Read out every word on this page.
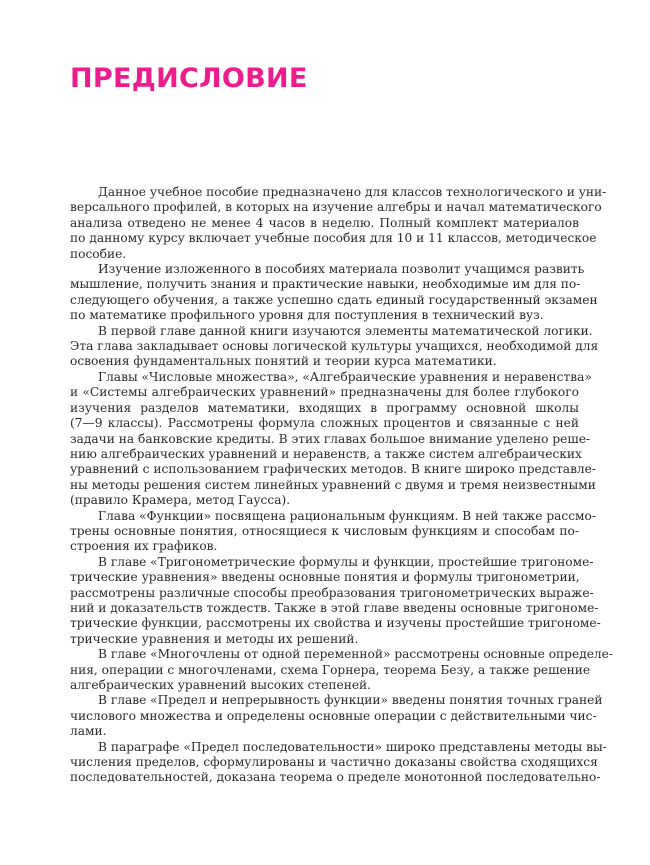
ПРЕДИСЛОВИЕ

Данное учебное пособие предназначено для классов технологического и уни-
версального профилей, в которых на изучение алгебры и начал математического
анализа отведено не менее 4 часов в неделю. Полный комплект материалов
по данному курсу включает учебные пособия для 10 и 11 классов, методическое
пособие.

Изучение изложенного в пособиях материала позволит учащимся развить
мышление, получить знания и практические навыки, необходимые им для по-
следующего обучения, а также успешно сдать единый государственный экзамен
по математике профильного уровня для поступления в технический вуз.

В первой главе данной книги изучаются элементы математической логики.
Эта глава закладывает основы логической культуры учащихся, необходимой для
освоения фундаментальных понятий и теории курса математики.

Главы «Числовые множества», «Алгебраические уравнения и неравенства»
и «Системы алгебраических уравнений» предназначены для более глубокого
изучения разделов математики, входящих в программу основной школы
(7—9 классы). Рассмотрены формула сложных процентов и связанные с ней
задачи на банковские кредиты. В этих главах большое внимание уделено реше-
нию алгебраических уравнений и неравенств, а также систем алгебраических
уравнений с использованием графических методов. В книге широко представле-
ны методы решения систем линейных уравнений с двумя и тремя неизвестными
(правило Крамера, метод Гаусса).

Глава «Функции» посвящена рациональным функциям. В ней также рассмо-
трены основные понятия, относящиеся к числовым функциям и способам по-
строения их графиков.

В главе «Тригонометрические формулы и функции, простейшие тригономе-
трические уравнения» введены основные понятия и формулы тригонометрии,
рассмотрены различные способы преобразования тригонометрических выраже-
ний и доказательств тождеств. Также в этой главе введены основные тригономе-
трические функции, рассмотрены их свойства и изучены простейшие тригономе-
трические уравнения и методы их решений.

В главе «Многочлены от одной переменной» рассмотрены основные определе-
ния, операции с многочленами, схема Горнера, теорема Безу, а также решение
алгебраических уравнений высоких степеней.

В главе «Предел и непрерывность функции» введены понятия точных граней
числового множества и определены основные операции с действительными чис-
лами.

В параграфе «Предел последовательности» широко представлены методы вы-
числения пределов, сформулированы и частично доказаны свойства сходящихся
последовательностей, доказана теорема о пределе монотонной последовательно-
